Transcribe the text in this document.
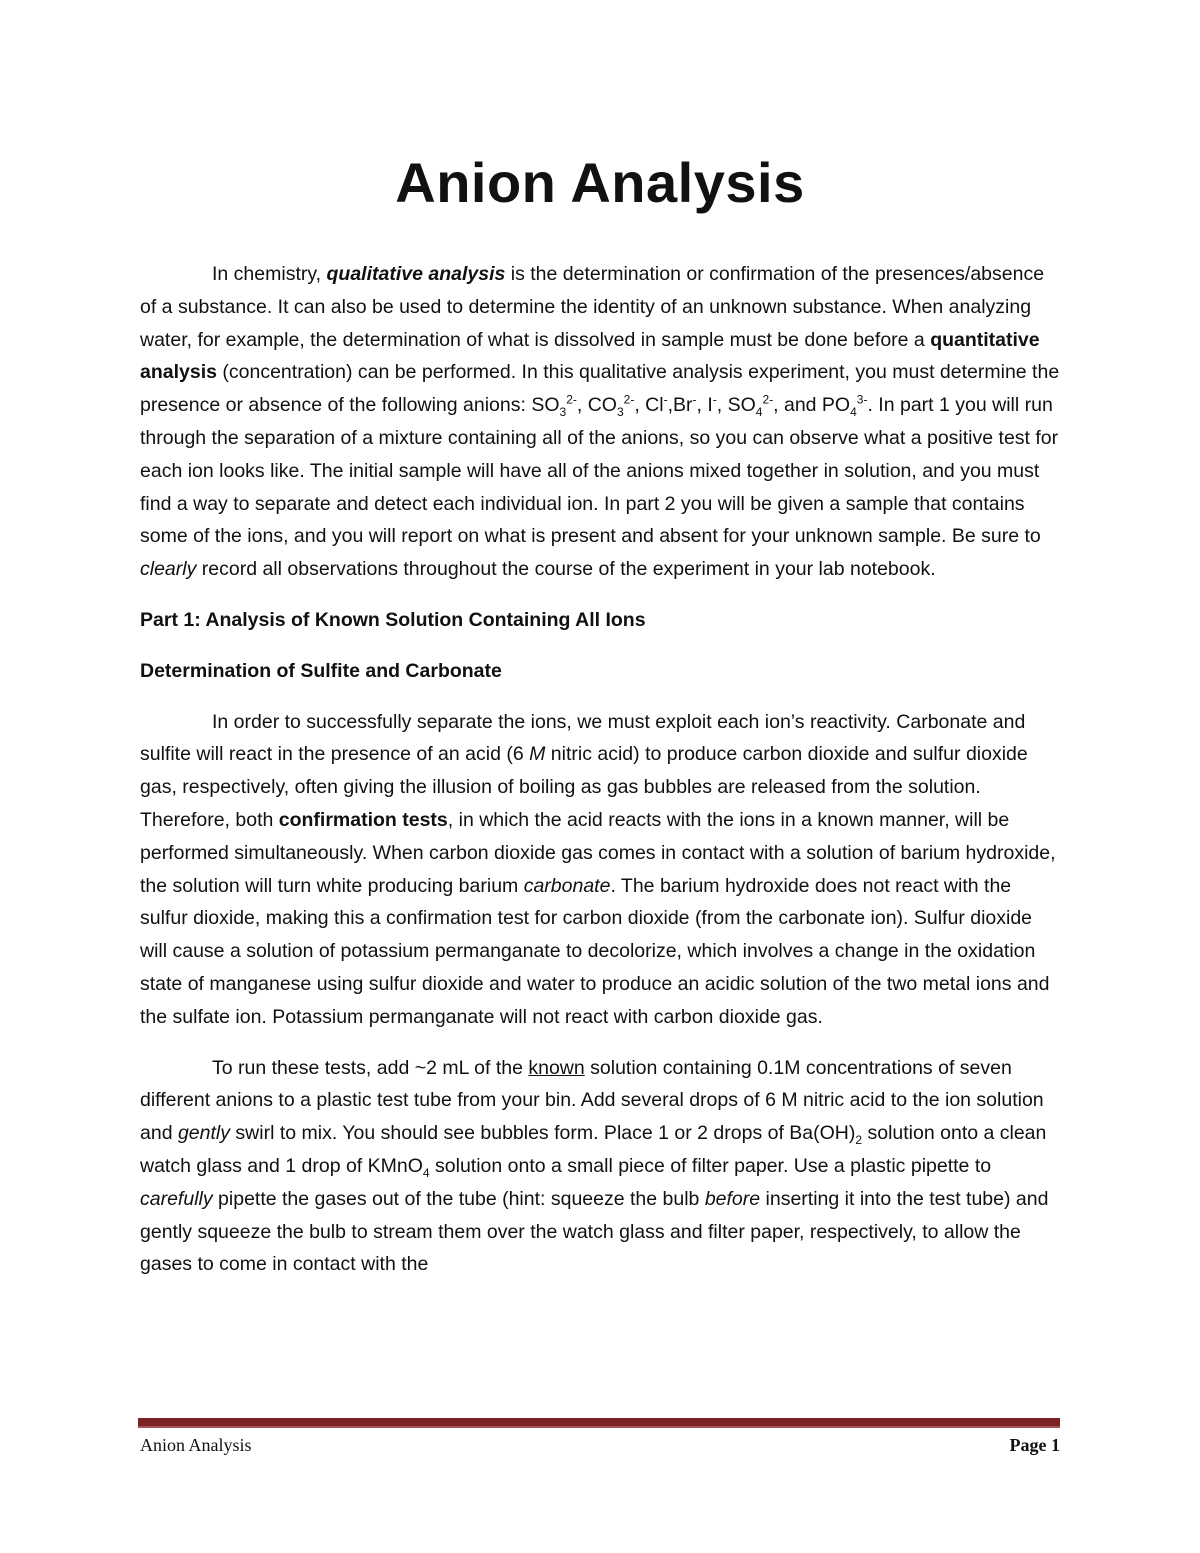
Anion Analysis

In chemistry, qualitative analysis is the determination or confirmation of the presences/absence of a substance. It can also be used to determine the identity of an unknown substance. When analyzing water, for example, the determination of what is dissolved in sample must be done before a quantitative analysis (concentration) can be performed. In this qualitative analysis experiment, you must determine the presence or absence of the following anions: $SO_3^{2-}$, $CO_3^{2-}$, Cl-,Br-, I-, $SO_4^{2-}$, and $PO_4^{3-}$. In part 1 you will run through the separation of a mixture containing all of the anions, so you can observe what a positive test for each ion looks like. The initial sample will have all of the anions mixed together in solution, and you must find a way to separate and detect each individual ion. In part 2 you will be given a sample that contains some of the ions, and you will report on what is present and absent for your unknown sample. Be sure to clearly record all observations throughout the course of the experiment in your lab notebook.

Part 1: Analysis of Known Solution Containing All Ions

Determination of Sulfite and Carbonate

In order to successfully separate the ions, we must exploit each ion’s reactivity. Carbonate and sulfite will react in the presence of an acid (6 M nitric acid) to produce carbon dioxide and sulfur dioxide gas, respectively, often giving the illusion of boiling as gas bubbles are released from the solution. Therefore, both confirmation tests, in which the acid reacts with the ions in a known manner, will be performed simultaneously. When carbon dioxide gas comes in contact with a solution of barium hydroxide, the solution will turn white producing barium carbonate. The barium hydroxide does not react with the sulfur dioxide, making this a confirmation test for carbon dioxide (from the carbonate ion). Sulfur dioxide will cause a solution of potassium permanganate to decolorize, which involves a change in the oxidation state of manganese using sulfur dioxide and water to produce an acidic solution of the two metal ions and the sulfate ion. Potassium permanganate will not react with carbon dioxide gas.

To run these tests, add ~2 mL of the known solution containing 0.1M concentrations of seven different anions to a plastic test tube from your bin. Add several drops of 6 M nitric acid to the ion solution and gently swirl to mix. You should see bubbles form. Place 1 or 2 drops of $Ba(OH)_2$ solution onto a clean watch glass and 1 drop of KMnO$_4$ solution onto a small piece of filter paper. Use a plastic pipette to carefully pipette the gases out of the tube (hint: squeeze the bulb before inserting it into the test tube) and gently squeeze the bulb to stream them over the watch glass and filter paper, respectively, to allow the gases to come in contact with the

Anion Analysis	Page 1
